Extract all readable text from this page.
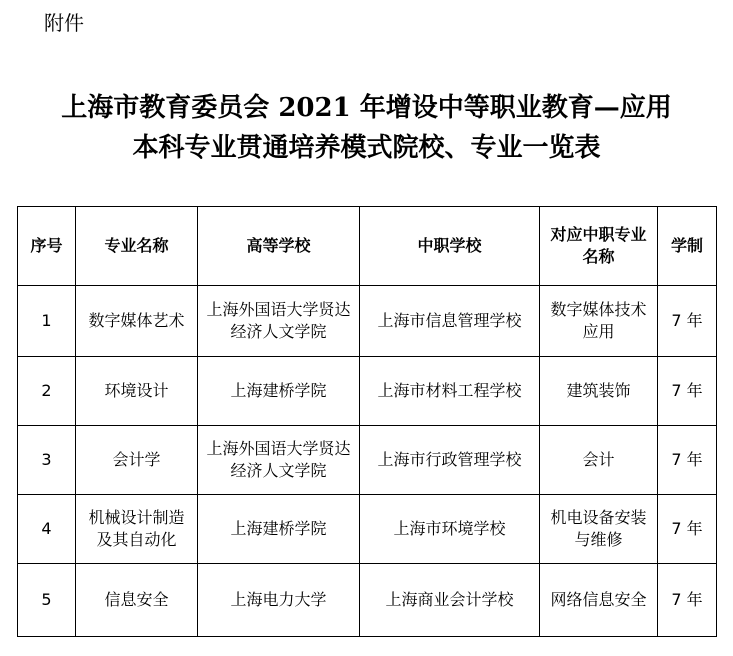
附件
上海市教育委员会 2021 年增设中等职业教育—应用
本科专业贯通培养模式院校、专业一览表
序号	专业名称	高等学校	中职学校	对应中职专业名称	学制
1	数字媒体艺术	上海外国语大学贤达经济人文学院	上海市信息管理学校	数字媒体技术应用	7 年
2	环境设计	上海建桥学院	上海市材料工程学校	建筑装饰	7 年
3	会计学	上海外国语大学贤达经济人文学院	上海市行政管理学校	会计	7 年
4	机械设计制造及其自动化	上海建桥学院	上海市环境学校	机电设备安装与维修	7 年
5	信息安全	上海电力大学	上海商业会计学校	网络信息安全	7 年
